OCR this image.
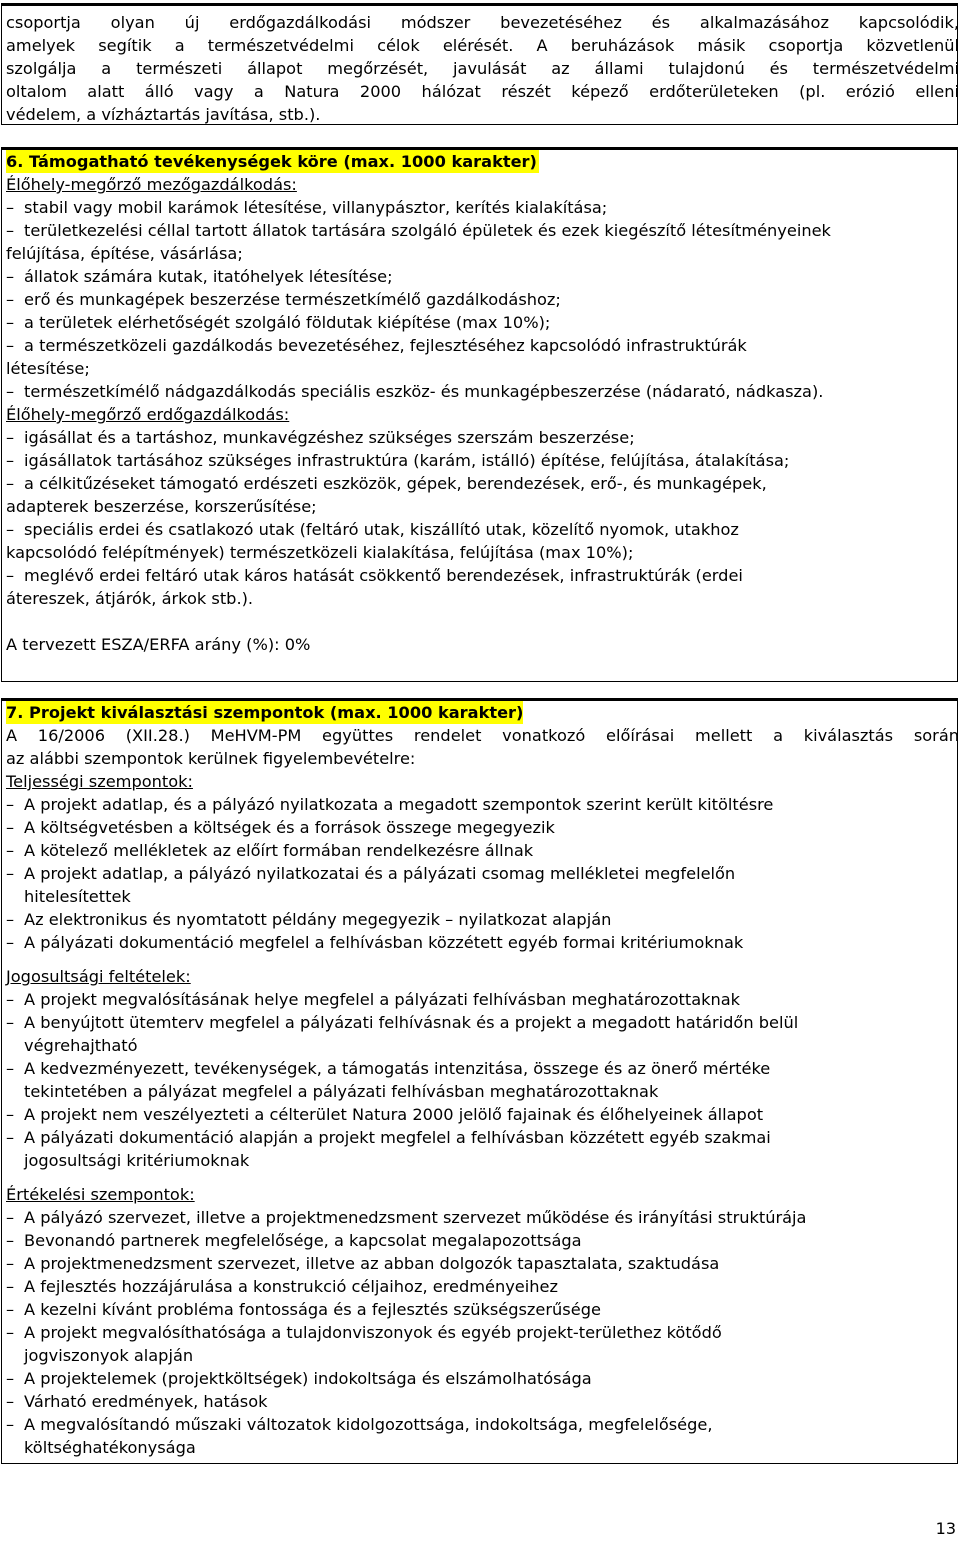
csoportja olyan új erdőgazdálkodási módszer bevezetéséhez és alkalmazásához kapcsolódik,
amelyek segítik a természetvédelmi célok elérését. A beruházások másik csoportja közvetlenül
szolgálja a természeti állapot megőrzését, javulását az állami tulajdonú és természetvédelmi
oltalom alatt álló vagy a Natura 2000 hálózat részét képező erdőterületeken (pl. erózió elleni
védelem, a vízháztartás javítása, stb.).
6. Támogatható tevékenységek köre (max. 1000 karakter)
Élőhely-megőrző mezőgazdálkodás:
– stabil vagy mobil karámok létesítése, villanypásztor, kerítés kialakítása;
– területkezelési céllal tartott állatok tartására szolgáló épületek és ezek kiegészítő létesítményeinek
felújítása, építése, vásárlása;
– állatok számára kutak, itatóhelyek létesítése;
– erő és munkagépek beszerzése természetkímélő gazdálkodáshoz;
– a területek elérhetőségét szolgáló földutak kiépítése (max 10%);
– a természetközeli gazdálkodás bevezetéséhez, fejlesztéséhez kapcsolódó infrastruktúrák
létesítése;
– természetkímélő nádgazdálkodás speciális eszköz- és munkagépbeszerzése (nádarató, nádkasza).
Élőhely-megőrző erdőgazdálkodás:
– igásállat és a tartáshoz, munkavégzéshez szükséges szerszám beszerzése;
– igásállatok tartásához szükséges infrastruktúra (karám, istálló) építése, felújítása, átalakítása;
– a célkitűzéseket támogató erdészeti eszközök, gépek, berendezések, erő-, és munkagépek,
adapterek beszerzése, korszerűsítése;
– speciális erdei és csatlakozó utak (feltáró utak, kiszállító utak, közelítő nyomok, utakhoz
kapcsolódó felépítmények) természetközeli kialakítása, felújítása (max 10%);
– meglévő erdei feltáró utak káros hatását csökkentő berendezések, infrastruktúrák (erdei
átereszek, átjárók, árkok stb.).
A tervezett ESZA/ERFA arány (%): 0%
7. Projekt kiválasztási szempontok (max. 1000 karakter)
A 16/2006 (XII.28.) MeHVM-PM együttes rendelet vonatkozó előírásai mellett a kiválasztás során
az alábbi szempontok kerülnek figyelembevételre:
Teljességi szempontok:
– A projekt adatlap, és a pályázó nyilatkozata a megadott szempontok szerint került kitöltésre
– A költségvetésben a költségek és a források összege megegyezik
– A kötelező mellékletek az előírt formában rendelkezésre állnak
– A projekt adatlap, a pályázó nyilatkozatai és a pályázati csomag mellékletei megfelelőn
hitelesítettek
– Az elektronikus és nyomtatott példány megegyezik – nyilatkozat alapján
– A pályázati dokumentáció megfelel a felhívásban közzétett egyéb formai kritériumoknak
Jogosultsági feltételek:
– A projekt megvalósításának helye megfelel a pályázati felhívásban meghatározottaknak
– A benyújtott ütemterv megfelel a pályázati felhívásnak és a projekt a megadott határidőn belül
végrehajtható
– A kedvezményezett, tevékenységek, a támogatás intenzitása, összege és az önerő mértéke
tekintetében a pályázat megfelel a pályázati felhívásban meghatározottaknak
– A projekt nem veszélyezteti a célterület Natura 2000 jelölő fajainak és élőhelyeinek állapot
– A pályázati dokumentáció alapján a projekt megfelel a felhívásban közzétett egyéb szakmai
jogosultsági kritériumoknak
Értékelési szempontok:
– A pályázó szervezet, illetve a projektmenedzsment szervezet működése és irányítási struktúrája
– Bevonandó partnerek megfelelősége, a kapcsolat megalapozottsága
– A projektmenedzsment szervezet, illetve az abban dolgozók tapasztalata, szaktudása
– A fejlesztés hozzájárulása a konstrukció céljaihoz, eredményeihez
– A kezelni kívánt probléma fontossága és a fejlesztés szükségszerűsége
– A projekt megvalósíthatósága a tulajdonviszonyok és egyéb projekt-területhez kötődő
jogviszonyok alapján
– A projektelemek (projektköltségek) indokoltsága és elszámolhatósága
– Várható eredmények, hatások
– A megvalósítandó műszaki változatok kidolgozottsága, indokoltsága, megfelelősége,
költséghatékonysága
13
